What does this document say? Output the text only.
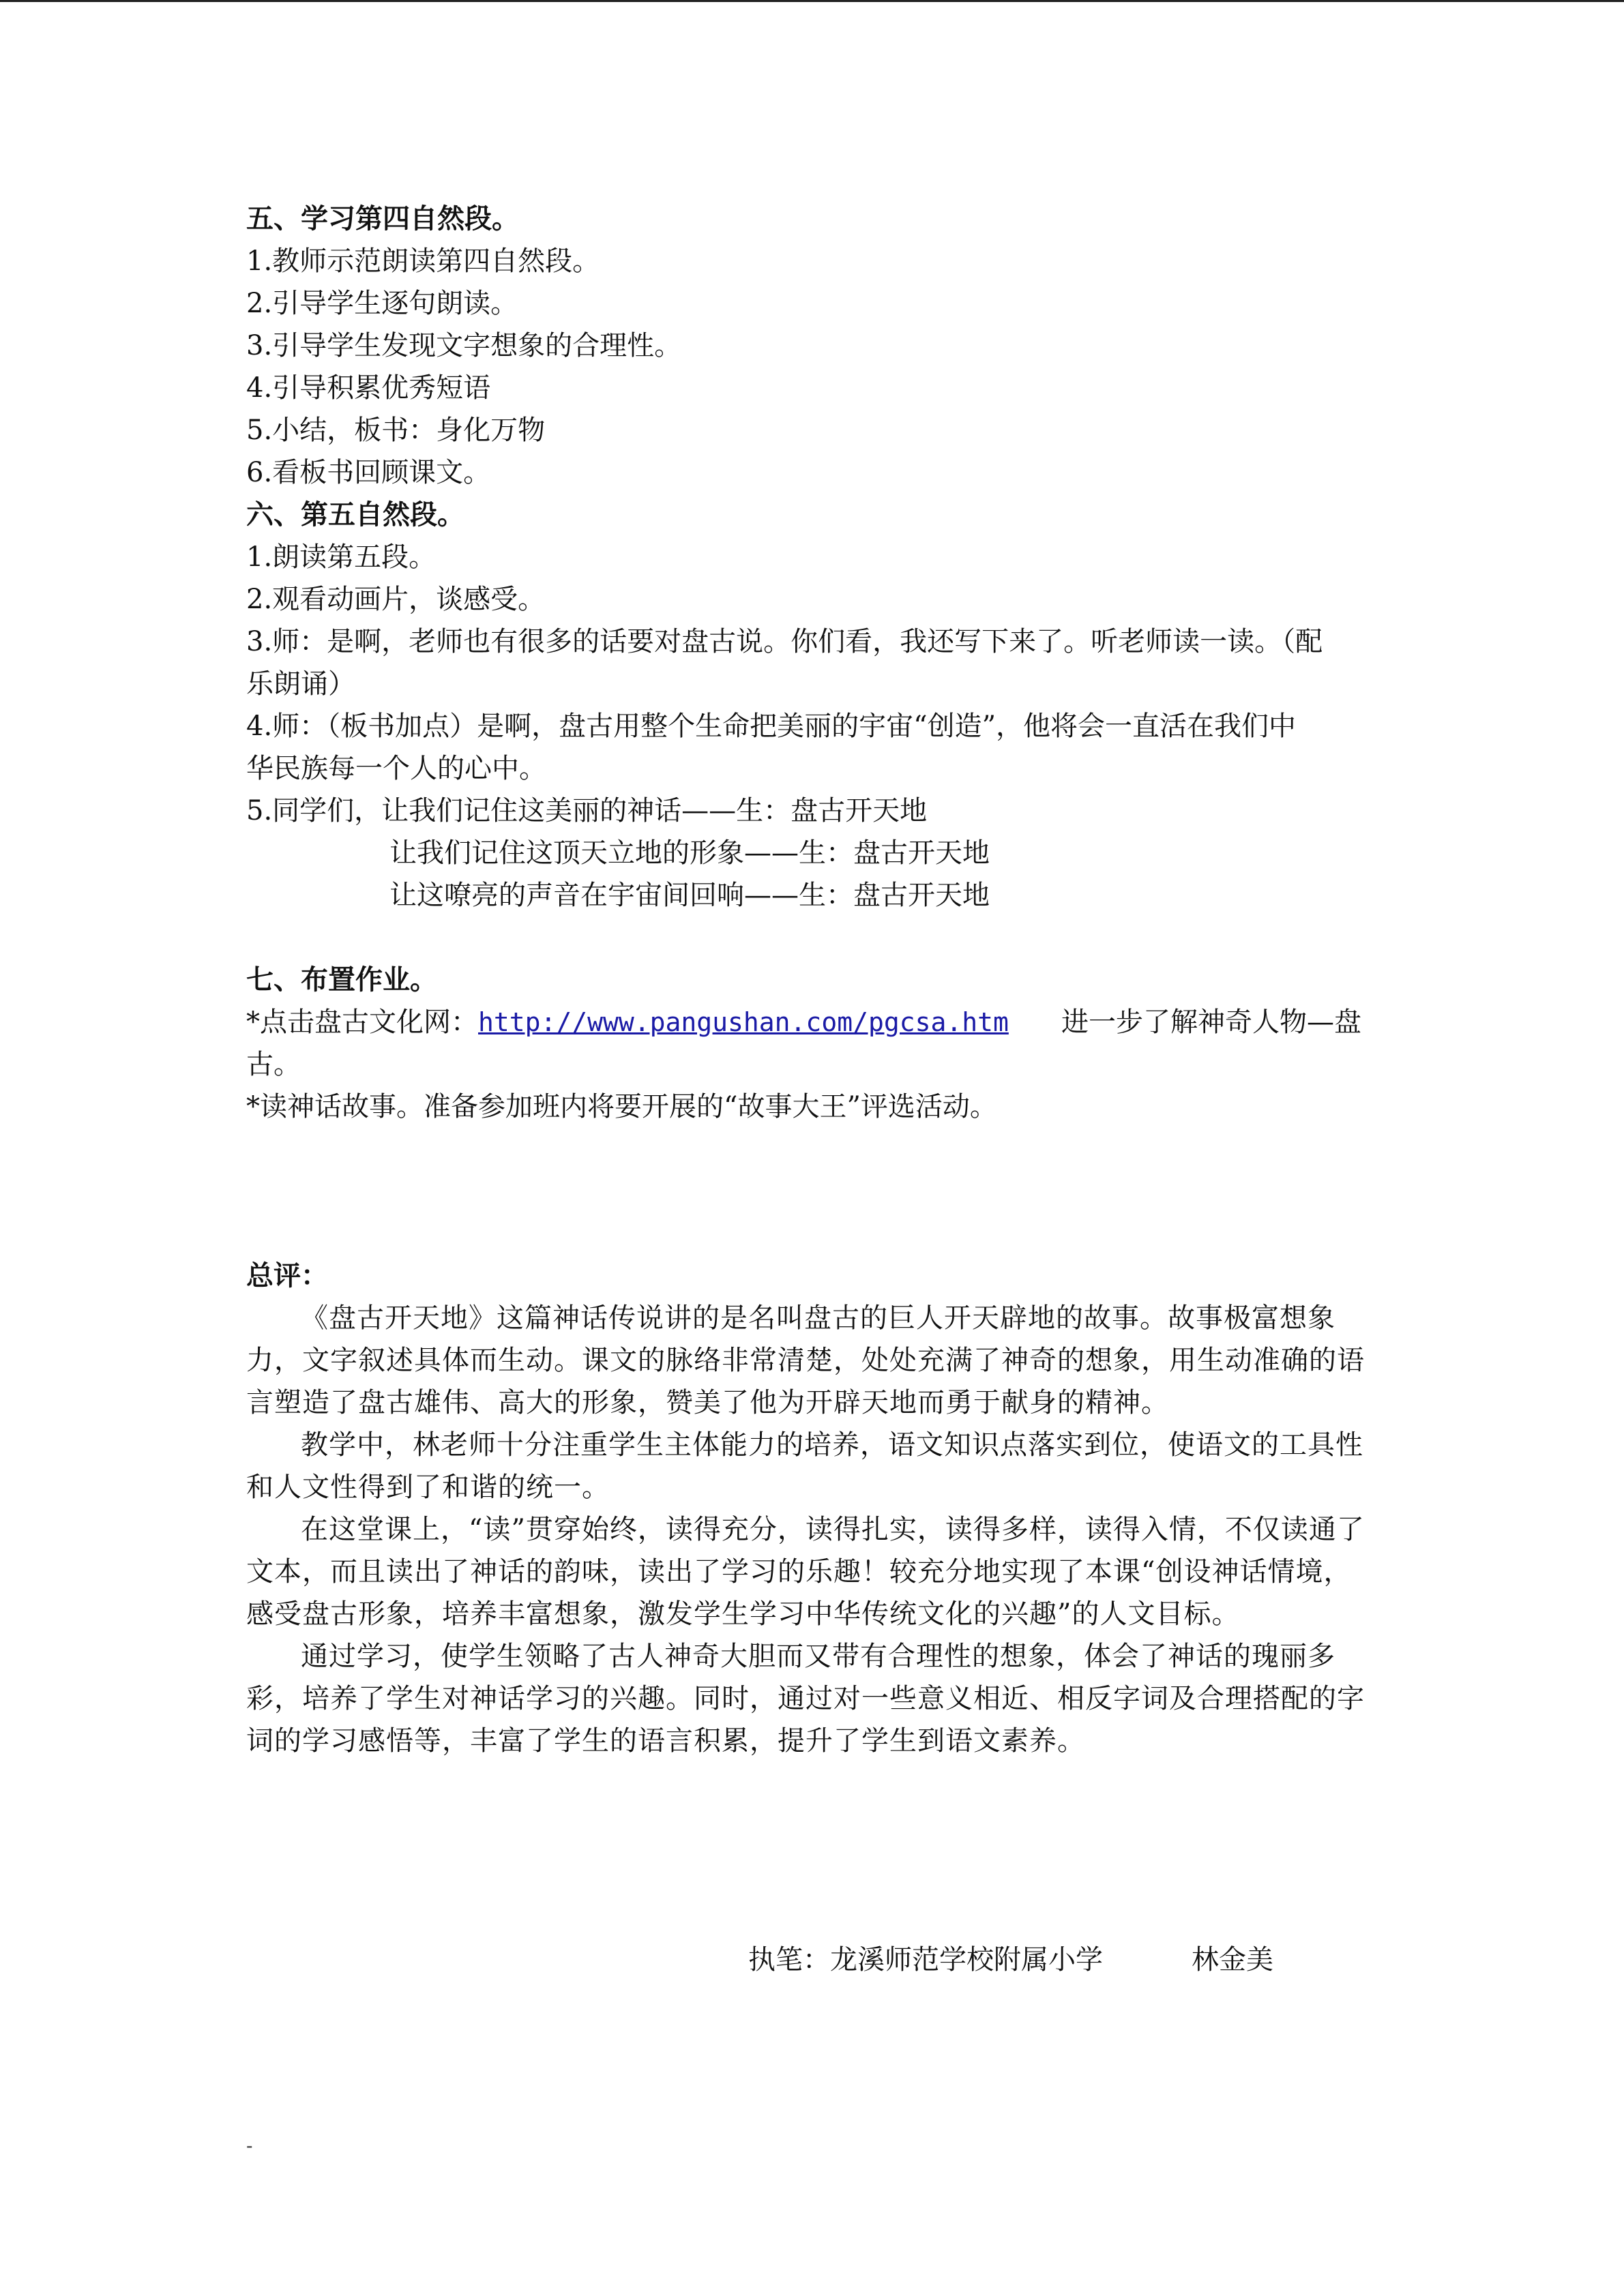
五、学习第四自然段。
1.教师示范朗读第四自然段。
2.引导学生逐句朗读。
3.引导学生发现文字想象的合理性。
4.引导积累优秀短语
5.小结，板书：身化万物
6.看板书回顾课文。
六、第五自然段。
1.朗读第五段。
2.观看动画片，谈感受。
3.师：是啊，老师也有很多的话要对盘古说。你们看，我还写下来了。听老师读一读。（配
乐朗诵）
4.师：（板书加点）是啊，盘古用整个生命把美丽的宇宙“创造”，他将会一直活在我们中
华民族每一个人的心中。
5.同学们，让我们记住这美丽的神话——生：盘古开天地
让我们记住这顶天立地的形象——生：盘古开天地
让这嘹亮的声音在宇宙间回响——生：盘古开天地
七、布置作业。
*点击盘古文化网：http://www.pangushan.com/pgcsa.htm 进一步了解神奇人物—盘
古。
*读神话故事。准备参加班内将要开展的“故事大王”评选活动。
总评：

《盘古开天地》这篇神话传说讲的是名叫盘古的巨人开天辟地的故事。故事极富想象力，文字叙述具体而生动。课文的脉络非常清楚，处处充满了神奇的想象，用生动准确的语言塑造了盘古雄伟、高大的形象，赞美了他为开辟天地而勇于献身的精神。

教学中，林老师十分注重学生主体能力的培养，语文知识点落实到位，使语文的工具性和人文性得到了和谐的统一。

在这堂课上，“读”贯穿始终，读得充分，读得扎实，读得多样，读得入情，不仅读通了文本，而且读出了神话的韵味，读出了学习的乐趣！较充分地实现了本课“创设神话情境，感受盘古形象，培养丰富想象，激发学生学习中华传统文化的兴趣”的人文目标。

通过学习，使学生领略了古人神奇大胆而又带有合理性的想象，体会了神话的瑰丽多彩，培养了学生对神话学习的兴趣。同时，通过对一些意义相近、相反字词及合理搭配的字词的学习感悟等，丰富了学生的语言积累，提升了学生到语文素养。

执笔：龙溪师范学校附属小学	林金美
-
